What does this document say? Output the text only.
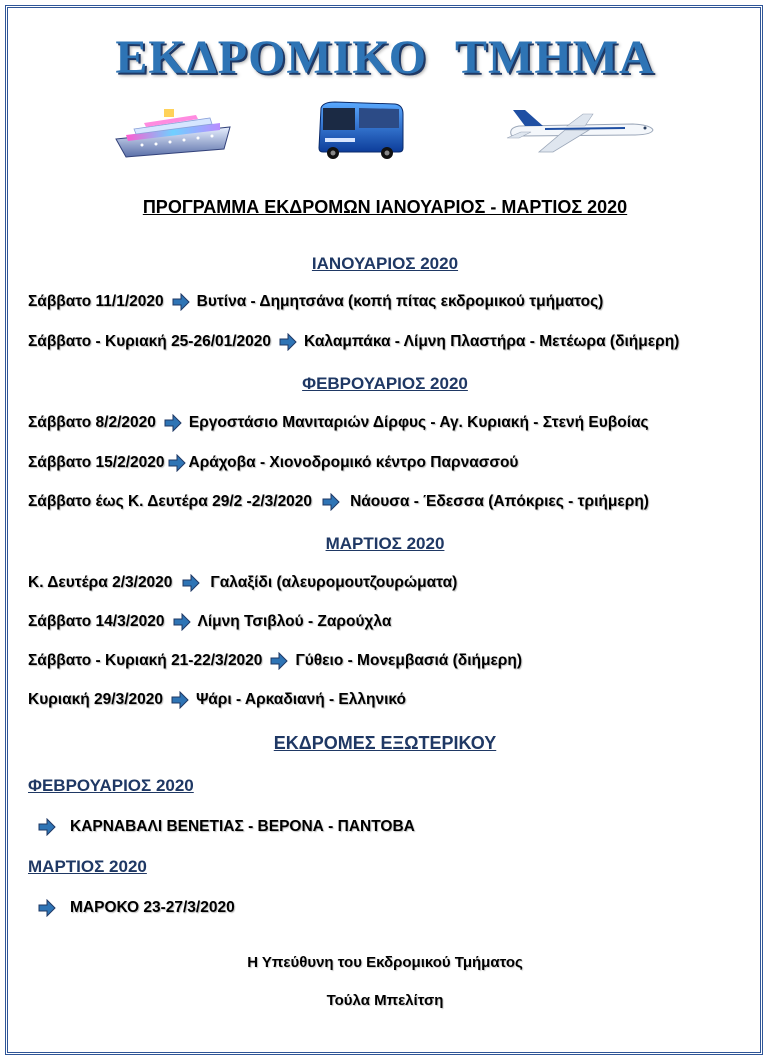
ΕΚΔΡΟΜΙΚΟ ΤΜΗΜΑ
ΠΡΟΓΡΑΜΜΑ ΕΚΔΡΟΜΩΝ ΙΑΝΟΥΑΡΙΟΣ - ΜΑΡΤΙΟΣ 2020
ΙΑΝΟΥΑΡΙΟΣ 2020
Σάββατο 11/1/2020 Βυτίνα - Δημητσάνα (κοπή πίτας εκδρομικού τμήματος)
Σάββατο - Κυριακή 25-26/01/2020 Καλαμπάκα - Λίμνη Πλαστήρα - Μετέωρα (διήμερη)
ΦΕΒΡΟΥΑΡΙΟΣ 2020
Σάββατο 8/2/2020 Εργοστάσιο Μανιταριών Δίρφυς - Αγ. Κυριακή - Στενή Ευβοίας
Σάββατο 15/2/2020 Αράχοβα - Χιονοδρομικό κέντρο Παρνασσού
Σάββατο έως Κ. Δευτέρα 29/2 -2/3/2020 Νάουσα - Έδεσσα (Απόκριες - τριήμερη)
ΜΑΡΤΙΟΣ 2020
Κ. Δευτέρα 2/3/2020 Γαλαξίδι (αλευρομουτζουρώματα)
Σάββατο 14/3/2020 Λίμνη Τσιβλού - Ζαρούχλα
Σάββατο - Κυριακή 21-22/3/2020 Γύθειο - Μονεμβασιά (διήμερη)
Κυριακή 29/3/2020 Ψάρι - Αρκαδιανή - Ελληνικό
ΕΚΔΡΟΜΕΣ ΕΞΩΤΕΡΙΚΟΥ
ΦΕΒΡΟΥΑΡΙΟΣ 2020
ΚΑΡΝΑΒΑΛΙ ΒΕΝΕΤΙΑΣ - ΒΕΡΟΝΑ - ΠΑΝΤΟΒΑ
ΜΑΡΤΙΟΣ 2020
ΜΑΡΟΚΟ 23-27/3/2020
Η Υπεύθυνη του Εκδρομικού Τμήματος
Τούλα Μπελίτση
